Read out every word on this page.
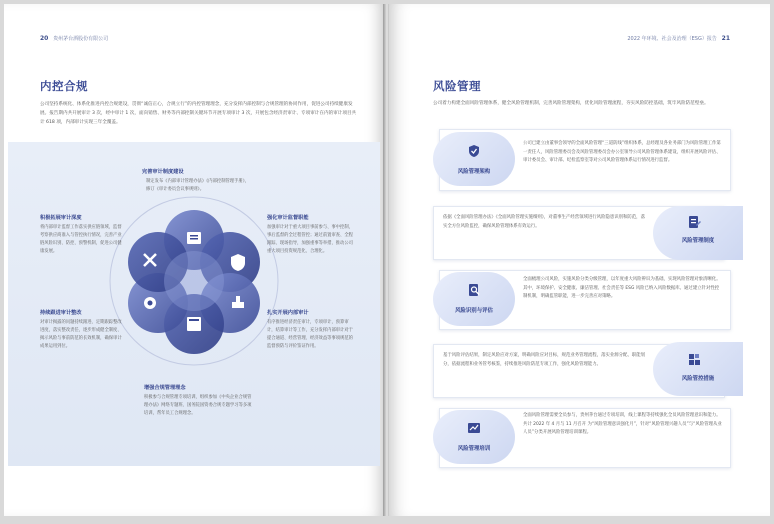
20 贵州茅台酒股份有限公司
内控合规
公司坚持系统化、体系化推进内控合规建设，贯彻“诚信正心，合规立行”的内控管理理念，充分发挥内部控制与合规管理的协同作用，促进公司持续健康发展。报告期内共开展审计 3 次，经中审计 1 次，面向销售、财务等内部控制关键环节开展专项审计 3 次，开展包含经济责审计、专项审计在内的审计项目共计 618 项，内部审计实现三年全覆盖。
完善审计制度建设
制定发布《内部审计管理办法》《内部控制管理手册》，修订《审计委员会议事规则》。
积极拓展审计深度
将内部审计监督工作落实供应链领域，监督考察供应商准入与管控执行情况，完善产业链风险识别、防控、预警机制，促进公司健康发展。
强化审计监督职能
加强审计对于重大项目事前参与、事中控制，事后监督的全过程管控；通过前置审查、全程跟踪、现场指导，加强重事等举措，推动公司重大项目投资规范化、合理化。
持续跟进审计整改
对审计揭露的问题持续跟进、定期跟踪整改进度，落实整改责任，逐步形成健全制度、揭示风险与事前防范的长效机制，确保审计成果运用到位。
扎实开展内部审计
有序推进经济责任审计，专项审计，预算审计，结算审计等工作，充分发挥内部审计对于提合通道、经营管理、经济效益等事项规范的监督预防与评价鉴证作用。
增强合规管理理念
积极参与合规管理专项培训，组织参加《中央企业合规管理办法》网络专题班、国务院国资委合规专题学习等多项培训，帮年员工合规理念。
2022 年环境、社会及治理（ESG）报告 21
风险管理
公司着力构建全面风险管理体系，健全风险管理机制，完善风险管理架构，优化风险管理流程，夯实风险防控基础，筑牢风险防范壁垒。
风险管理架构
公司已建立由董事会领导的全面风险管理“三道防线”组织体系，总经理及各业务部门为风险管理工作第一责任人，风险管理委员会及风险管理委员会办公室领导公司风险管理体系建设，组织开展风险评估、审计委员会、审计部、纪检监察室等对公司风险管理体系运行情况进行监督。
风险管理制度
依据《全面风险管理办法》《全面风险管理实施细则》，对董事生产经营领域进行风险隐患识别和防范，落实全方位风险监控，确保风险管理体系有效运行。
风险识别与评估
全面梳理公司风险，实施风险分类分级管理，以年度重大风险辨识为基础，实现风险管理对象清晰化。其中，环境保护、安全健康、廉洁管理、社会责任等 ESG 风险已纳入风险数据库。通过建立针对性控制机制，明确监管职能，进一步完善应对策略。
风险管控措施
基于风险评估结果，制定风险应对方案，明确风险应对目标，规范业务管理流程，落实业源分配、职能划分，依据流程和业务管考核鉴，持续推进风险防范专项工作，强化风险管理能力。
风险管理培训
全面风险管理需要全员参与，贵州茅台通过专项培训，线上课程等持续强化全员风险管理意识和能力。共计 2022 年 4 月与 11 月召开 为“风险管理意识强化月”，针对“风险管理兴趣人员”与“风险管理从业人员”分类开展风险管理培训课程。
